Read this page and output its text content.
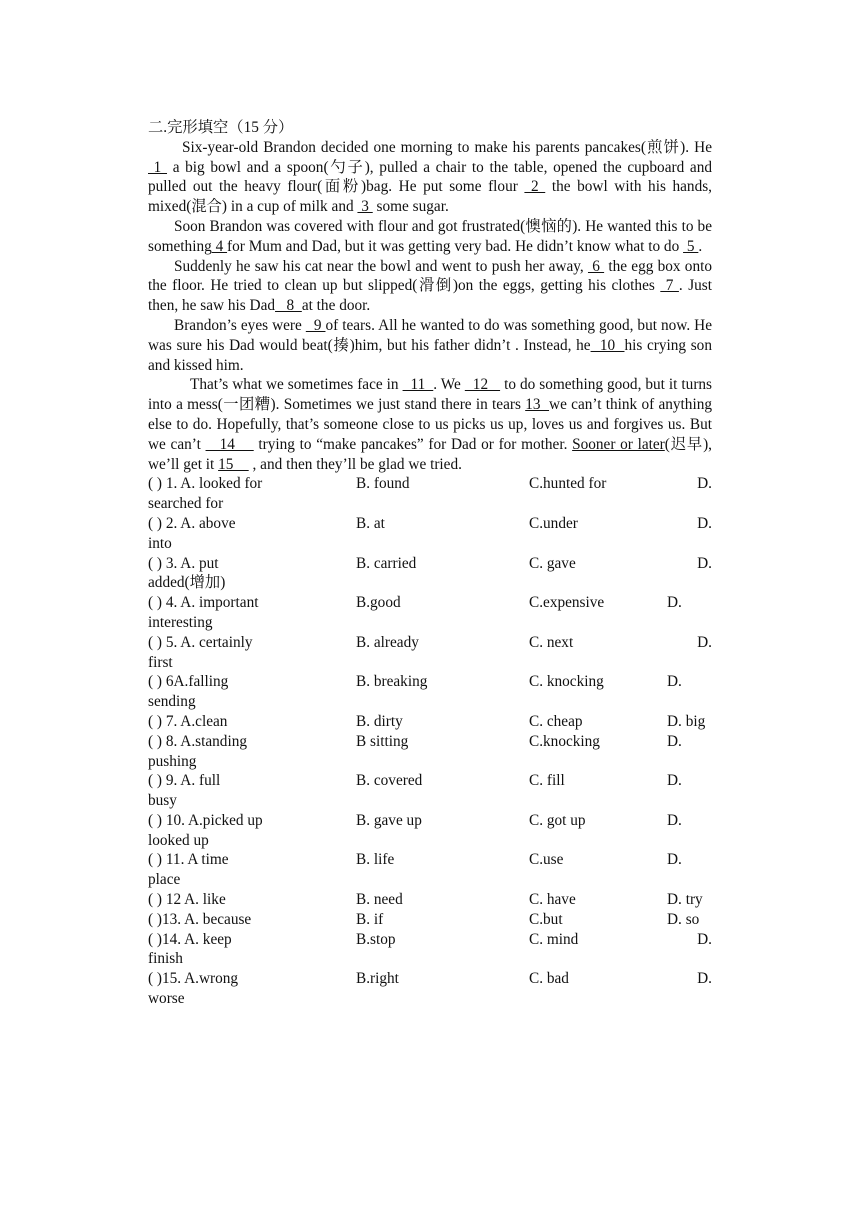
二.完形填空（15 分）

Six-year-old Brandon decided one morning to make his parents pancakes(煎饼). He  1  a big bowl and a spoon(勺子), pulled a chair to the table, opened the cupboard and pulled out the heavy flour(面粉)bag. He put some flour  2  the bowl with his hands, mixed(混合) in a cup of milk and  3  some sugar.

Soon Brandon was covered with flour and got frustrated(懊恼的). He wanted this to be something 4 for Mum and Dad, but it was getting very bad. He didn’t know what to do  5 .

Suddenly he saw his cat near the bowl and went to push her away,  6  the egg box onto the floor. He tried to clean up but slipped(滑倒)on the eggs, getting his clothes  7 . Just then, he saw his Dad   8  at the door.

Brandon’s eyes were   9 of tears. All he wanted to do was something good, but now. He was sure his Dad would beat(揍)him, but his father didn’t . Instead, he  10  his crying son and kissed him.

That’s what we sometimes face in   11  . We   12    to do something good, but it turns into a mess(一团糟). Sometimes we just stand there in tears 13  we can’t think of anything else to do. Hopefully, that’s someone close to us picks us up, loves us and forgives us. But we can’t    14     trying to “make pancakes” for Dad or for mother. Sooner or later(迟早), we’ll get it 15     , and then they’ll be glad we tried.

( ) 1. A. looked for	B. found	C.hunted for	D.

searched for

( ) 2. A. above	B. at	C.under	D.

into

( ) 3. A. put	B. carried	C. gave	D.

added(增加)

( ) 4. A. important	B.good	C.expensive	D.

interesting

( ) 5. A. certainly	B. already	C. next	D.

first

( ) 6A.falling	B. breaking	C. knocking	D.

sending

( ) 7. A.clean	B. dirty	C. cheap	D. big
( ) 8. A.standing	B sitting	C.knocking	D.

pushing

( ) 9. A. full	B. covered	C. fill	D.

busy

( ) 10. A.picked up	B. gave up	C. got up	D.

looked up

( ) 11. A time	B. life	C.use	D.

place

( ) 12 A. like	B. need	C. have	D. try
( )13. A. because	B. if	C.but	D. so
( )14. A. keep	B.stop	C. mind	D.

finish

( )15. A.wrong	B.right	C. bad	D.

worse
